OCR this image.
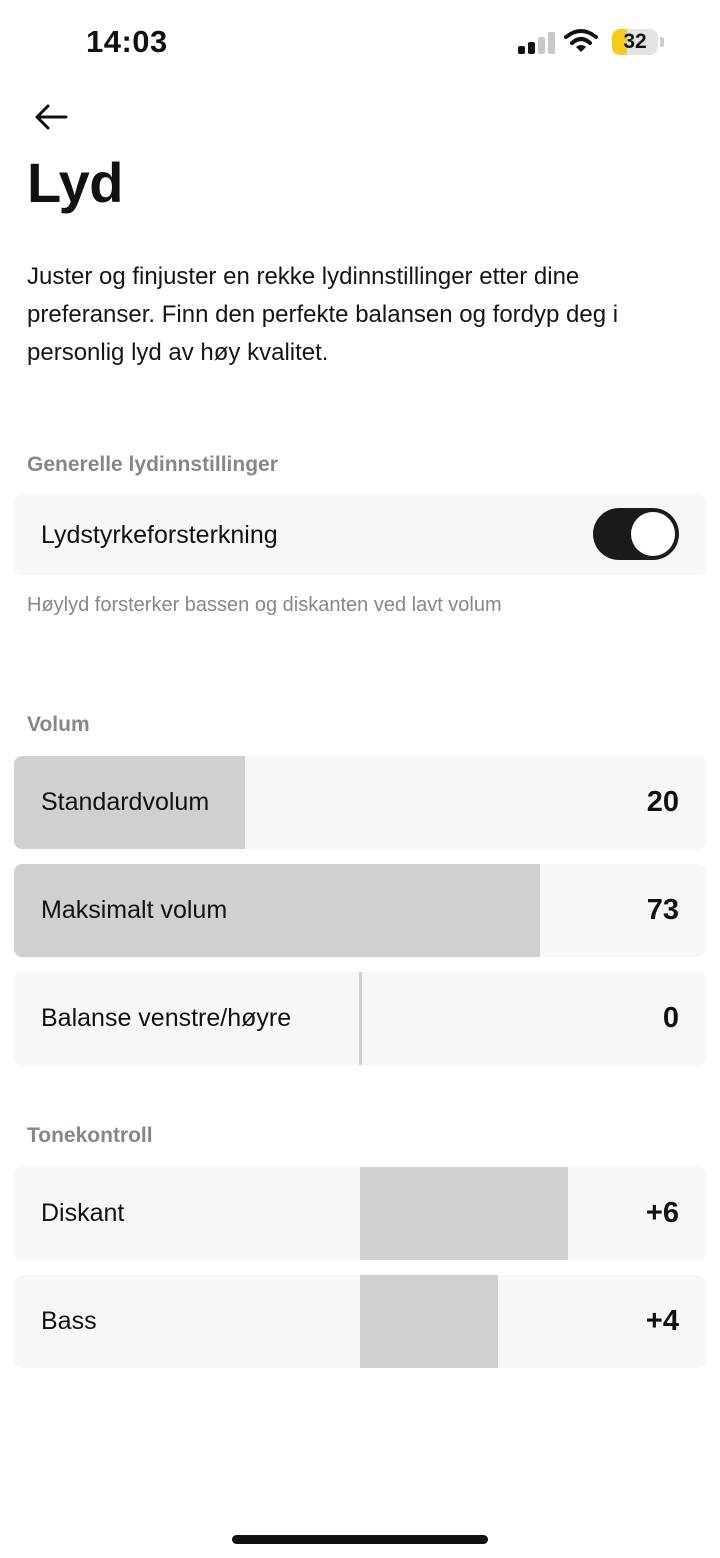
14:03	32
Lyd

Juster og finjuster en rekke lydinnstillinger etter dine preferanser. Finn den perfekte balansen og fordyp deg i personlig lyd av høy kvalitet.

Generelle lydinnstillinger
Lydstyrkeforsterkning

Høylyd forsterker bassen og diskanten ved lavt volum

Volum
Standardvolum	20
Maksimalt volum	73
Balanse venstre/høyre	0
Tonekontroll
Diskant	+6
Bass	+4
